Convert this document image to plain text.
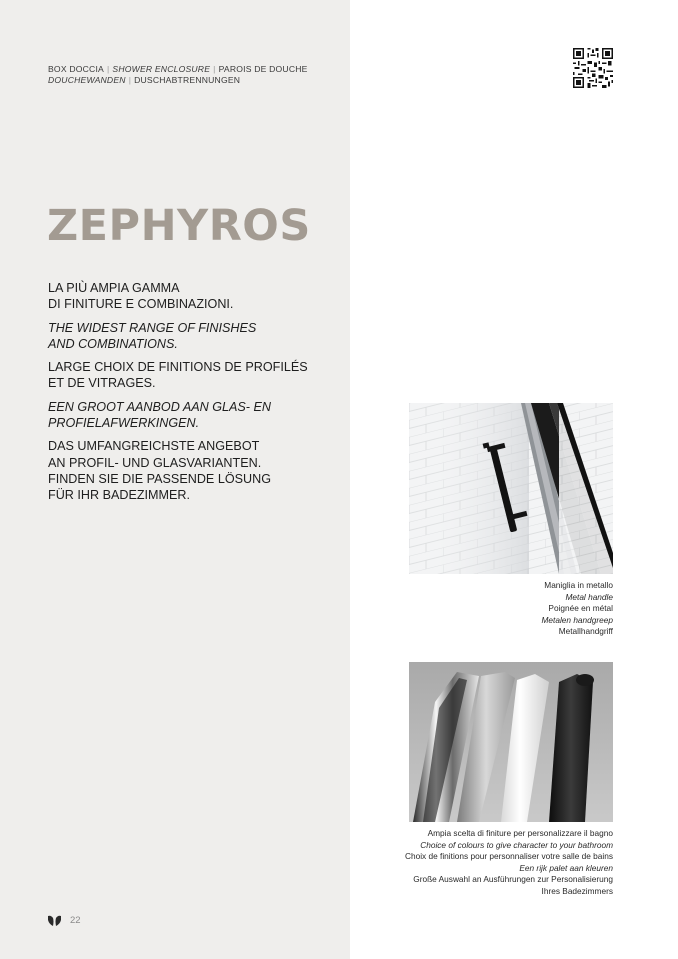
BOX DOCCIA | SHOWER ENCLOSURE | PAROIS DE DOUCHE
DOUCHEWANDEN | DUSCHABTRENNUNGEN
ZEPHYROS

LA PIÙ AMPIA GAMMA
DI FINITURE E COMBINAZIONI.

THE WIDEST RANGE OF FINISHES
AND COMBINATIONS.

LARGE CHOIX DE FINITIONS DE PROFILÉS
ET DE VITRAGES.

EEN GROOT AANBOD AAN GLAS- EN
PROFIELAFWERKINGEN.

DAS UMFANGREICHSTE ANGEBOT
AN PROFIL- UND GLASVARIANTEN.
FINDEN SIE DIE PASSENDE LÖSUNG
FÜR IHR BADEZIMMER.

Maniglia in metallo
Metal handle
Poignée en métal
Metalen handgreep
Metallhandgriff
Ampia scelta di finiture per personalizzare il bagno
Choice of colours to give character to your bathroom
Choix de finitions pour personnaliser votre salle de bains
Een rijk palet aan kleuren
Große Auswahl an Ausführungen zur Personalisierung
Ihres Badezimmers
22
